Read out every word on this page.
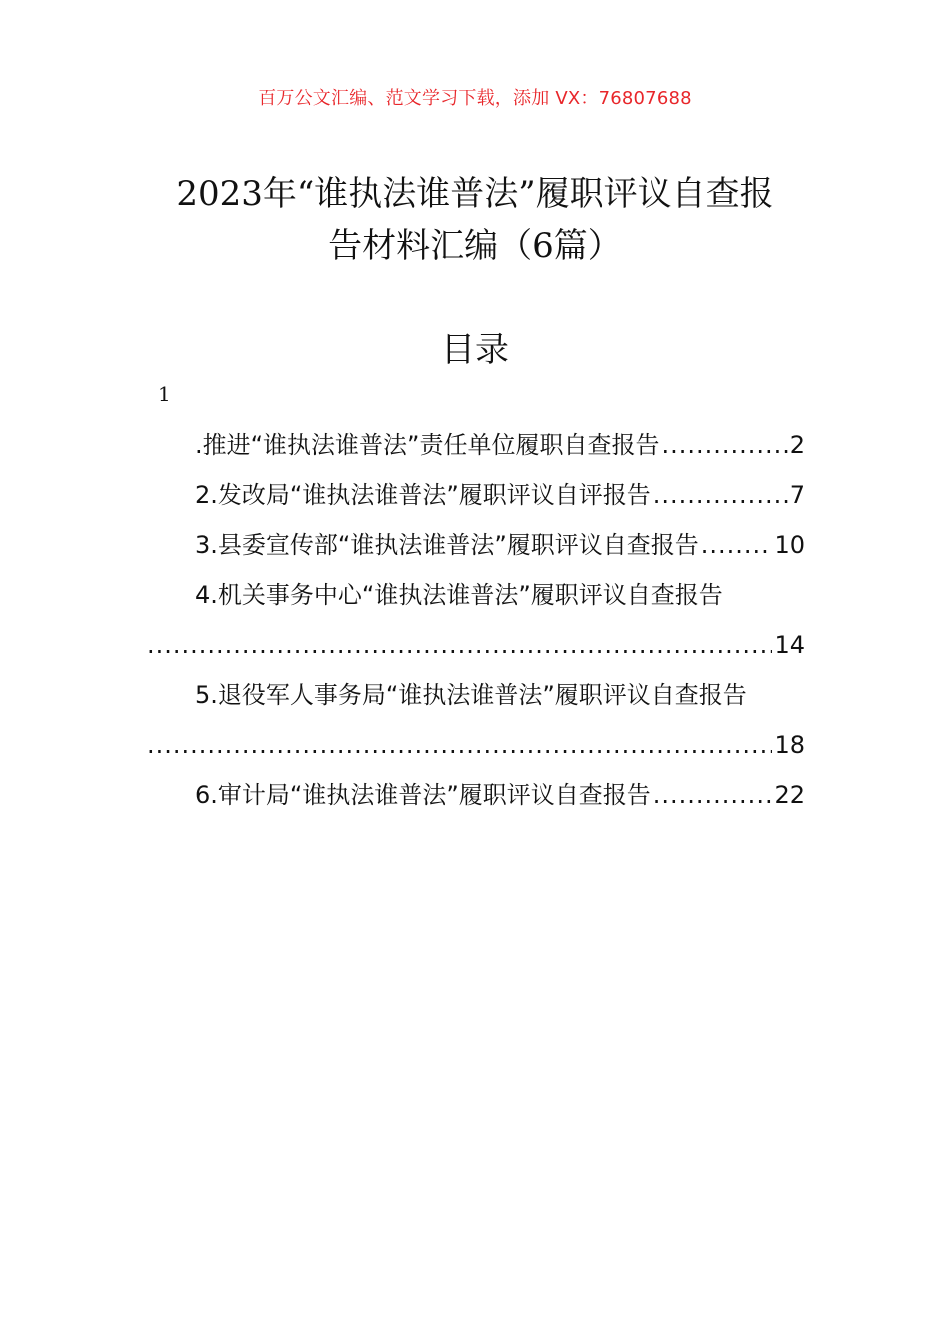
百万公文汇编、范文学习下载，添加 VX：76807688
2023年“谁执法谁普法”履职评议自查报
告材料汇编（6篇）
目录
1
.推进“谁执法谁普法”责任单位履职自查报告 .....	2
2.发改局“谁执法谁普法”履职评议自评报告 .....	7
3.县委宣传部“谁执法谁普法”履职评议自查报告 .....	10
4.机关事务中心“谁执法谁普法”履职评议自查报告
.....
14
5.退役军人事务局“谁执法谁普法”履职评议自查报告
.....
18
6.审计局“谁执法谁普法”履职评议自查报告 .....	22
